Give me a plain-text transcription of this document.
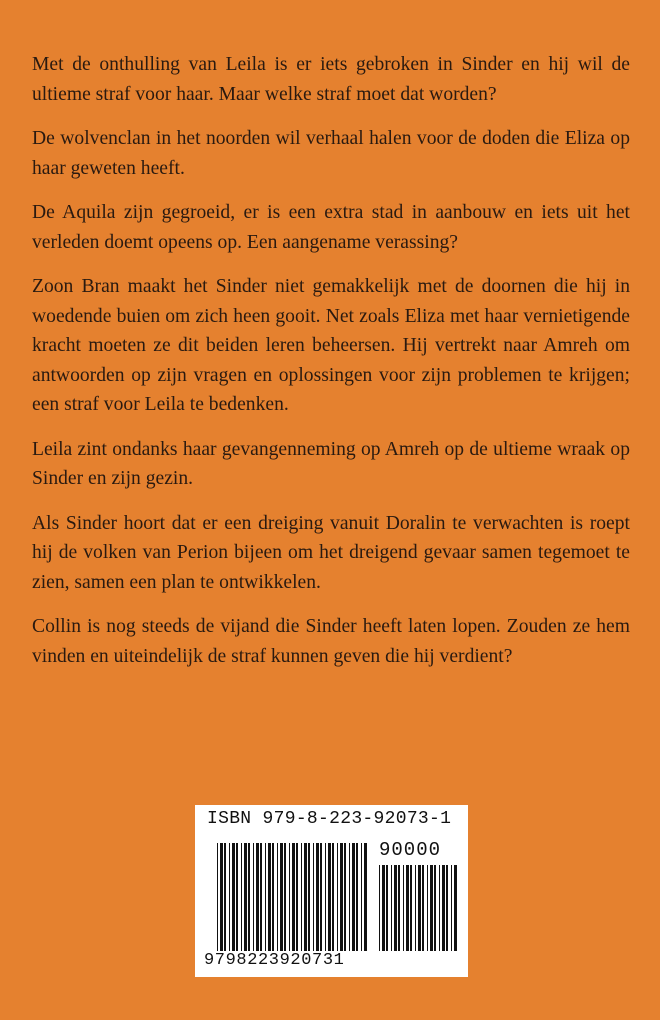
Met de onthulling van Leila is er iets gebroken in Sinder en hij wil de ultieme straf voor haar. Maar welke straf moet dat worden?

De wolvenclan in het noorden wil verhaal halen voor de doden die Eliza op haar geweten heeft.

De Aquila zijn gegroeid, er is een extra stad in aanbouw en iets uit het verleden doemt opeens op. Een aangename verassing?

Zoon Bran maakt het Sinder niet gemakkelijk met de doornen die hij in woedende buien om zich heen gooit. Net zoals Eliza met haar vernietigende kracht moeten ze dit beiden leren beheersen. Hij vertrekt naar Amreh om antwoorden op zijn vragen en oplossingen voor zijn problemen te krijgen; een straf voor Leila te bedenken.

Leila zint ondanks haar gevangenneming op Amreh op de ultieme wraak op Sinder en zijn gezin.

Als Sinder hoort dat er een dreiging vanuit Doralin te verwachten is roept hij de volken van Perion bijeen om het dreigend gevaar samen tegemoet te zien, samen een plan te ontwikkelen.

Collin is nog steeds de vijand die Sinder heeft laten lopen. Zouden ze hem vinden en uiteindelijk de straf kunnen geven die hij verdient?

ISBN 979-8-223-92073-1
90000
9798223920731
